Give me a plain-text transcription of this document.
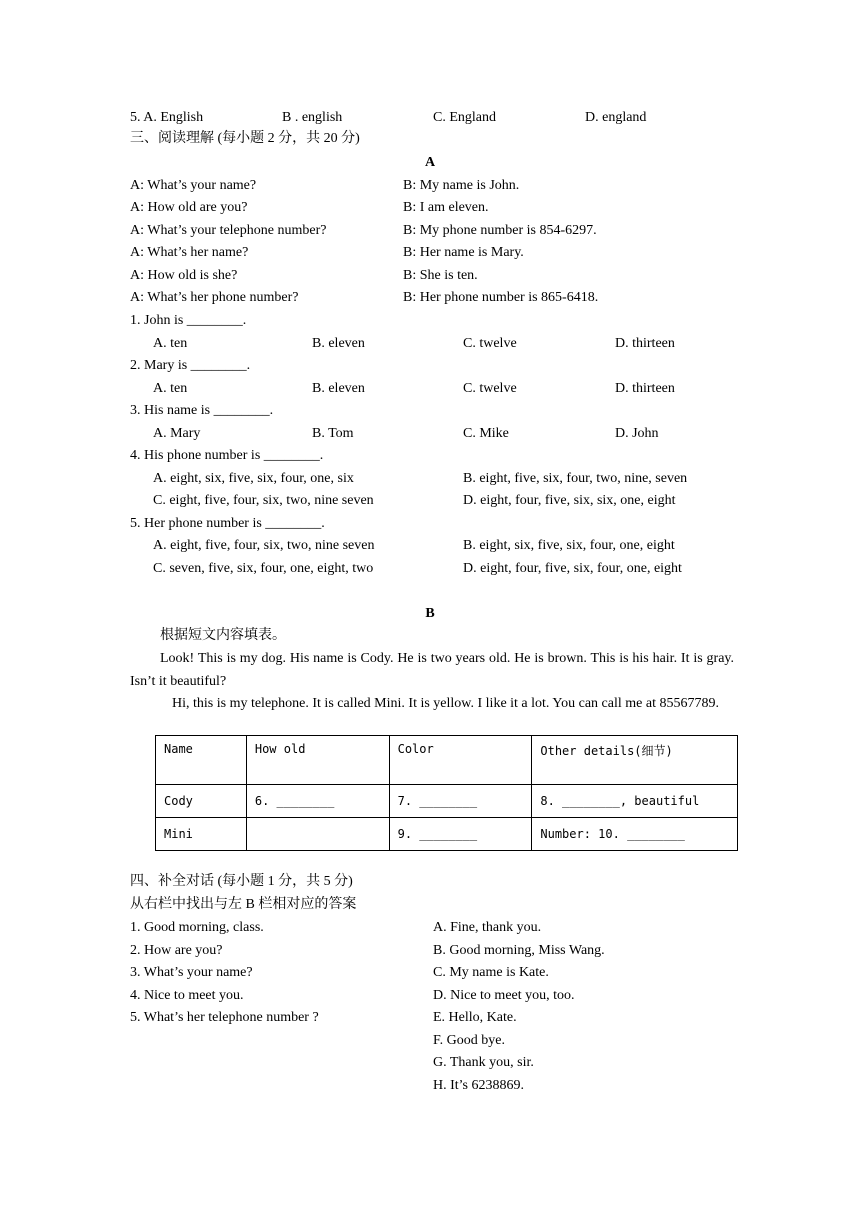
5. A. English	B . english	C. England	D. england
三、阅读理解 (每小题 2 分，共 20 分)
A
A: What’s your name?	B: My name is John.
A: How old are you?	B: I am eleven.
A: What’s your telephone number?	B: My phone number is 854-6297.
A: What’s her name?	B: Her name is Mary.
A: How old is she?	B: She is ten.
A: What’s her phone number?	B: Her phone number is 865-6418.
1. John is ________.
A. ten	B. eleven	C. twelve	D. thirteen
2. Mary is ________.
A. ten	B. eleven	C. twelve	D. thirteen
3. His name is ________.
A. Mary	B. Tom	C. Mike	D. John
4. His phone number is ________.
A. eight, six, five, six, four, one, six	B. eight, five, six, four, two, nine, seven
C. eight, five, four, six, two, nine seven	D. eight, four, five, six, six, one, eight
5. Her phone number is ________.
A. eight, five, four, six, two, nine seven	B. eight, six, five, six, four, one, eight
C. seven, five, six, four, one, eight, two	D. eight, four, five, six, four, one, eight
B
根据短文内容填表。
Look! This is my dog. His name is Cody. He is two years old. He is brown. This is his hair. It is gray. Isn’t it beautiful?
Hi, this is my telephone. It is called Mini. It is yellow. I like it a lot. You can call me at 85567789.
Name	How old	Color	Other details(细节)
Cody	6. ________	7. ________	8. ________, beautiful
Mini		9. ________	Number: 10. ________
四、补全对话 (每小题 1 分，共 5 分)
从右栏中找出与左 B 栏相对应的答案
1. Good morning, class.	A. Fine, thank you.
2. How are you?	B. Good morning, Miss Wang.
3. What’s your name?	C. My name is Kate.
4. Nice to meet you.	D. Nice to meet you, too.
5. What’s her telephone number ?	E. Hello, Kate.
F. Good bye.
G. Thank you, sir.
H. It’s 6238869.
